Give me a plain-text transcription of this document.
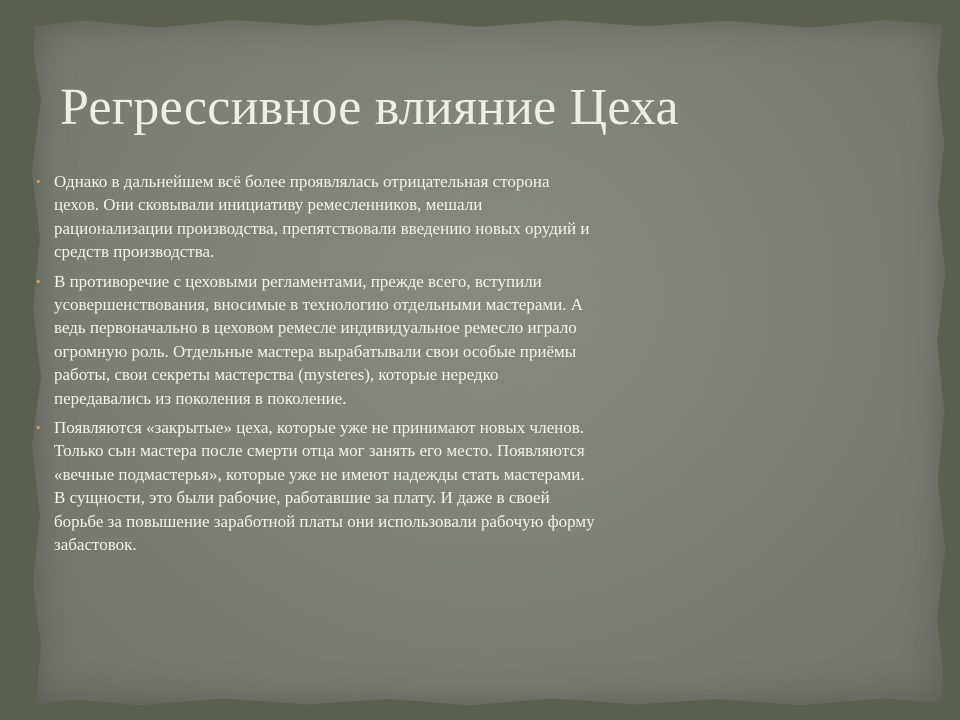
Регрессивное влияние Цеха
• Однако в дальнейшем всё более проявлялась отрицательная сторона цехов. Они сковывали инициативу ремесленников, мешали рационализации производства, препятствовали введению новых орудий и средств производства.
• В противоречие с цеховыми регламентами, прежде всего, вступили усовершенствования, вносимые в технологию отдельными мастерами. А ведь первоначально в цеховом ремесле индивидуальное ремесло играло огромную роль. Отдельные мастера вырабатывали свои особые приёмы работы, свои секреты мастерства (mysteres), которые нередко передавались из поколения в поколение.
• Появляются «закрытые» цеха, которые уже не принимают новых членов. Только сын мастера после смерти отца мог занять его место. Появляются «вечные подмастерья», которые уже не имеют надежды стать мастерами. В сущности, это были рабочие, работавшие за плату. И даже в своей борьбе за повышение заработной платы они использовали рабочую форму забастовок.
